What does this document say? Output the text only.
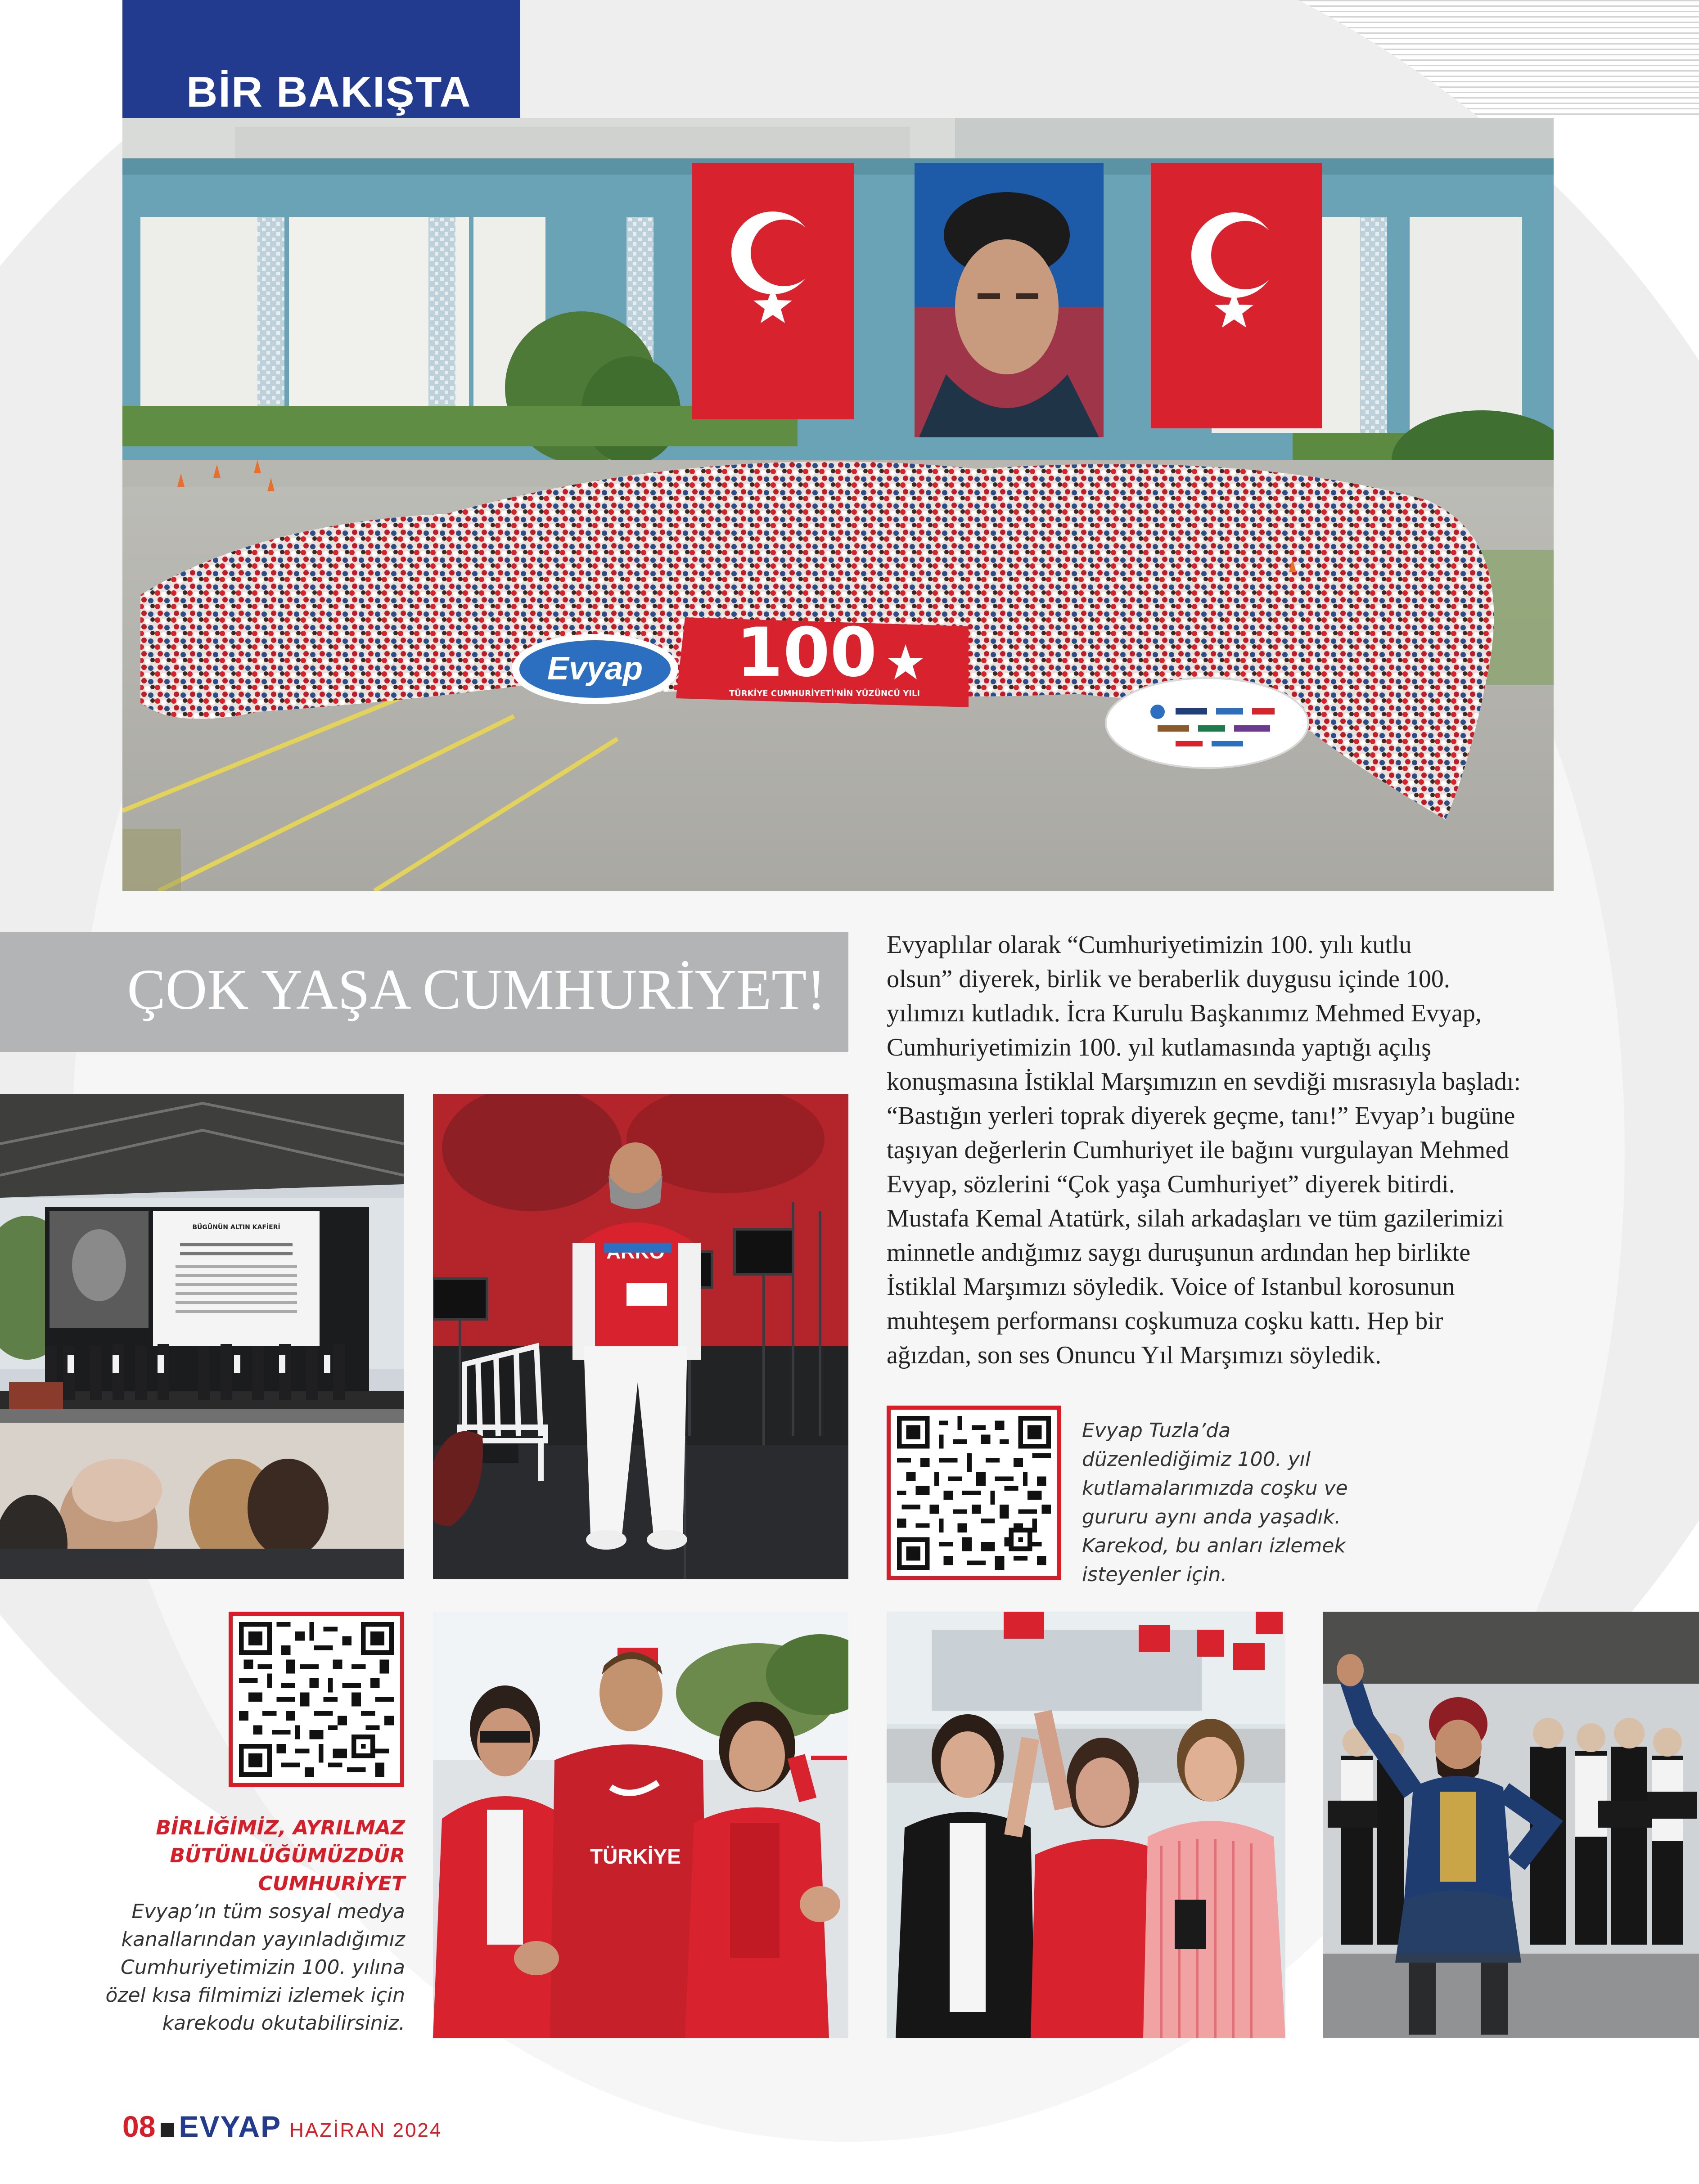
BİR BAKIŞTA
Evyap 100
TÜRKİYE CUMHURİYETİ'NİN YÜZÜNCÜ YILI
ÇOK YAŞA CUMHURİYET!
Evyaplılar olarak “Cumhuriyetimizin 100. yılı kutlu
olsun” diyerek, birlik ve beraberlik duygusu içinde 100.
yılımızı kutladık. İcra Kurulu Başkanımız Mehmed Evyap,
Cumhuriyetimizin 100. yıl kutlamasında yaptığı açılış
konuşmasına İstiklal Marşımızın en sevdiği mısrasıyla başladı:
“Bastığın yerleri toprak diyerek geçme, tanı!” Evyap’ı bugüne
taşıyan değerlerin Cumhuriyet ile bağını vurgulayan Mehmed
Evyap, sözlerini “Çok yaşa Cumhuriyet” diyerek bitirdi.
Mustafa Kemal Atatürk, silah arkadaşları ve tüm gazilerimizi
minnetle andığımız saygı duruşunun ardından hep birlikte
İstiklal Marşımızı söyledik. Voice of Istanbul korosunun
muhteşem performansı coşkumuza coşku kattı. Hep bir
ağızdan, son ses Onuncu Yıl Marşımızı söyledik.
BÜGÜNÜN ALTIN KAFİERİ
Evyap Tuzla’da
düzenlediğimiz 100. yıl
kutlamalarımızda coşku ve
gururu aynı anda yaşadık.
Karekod, bu anları izlemek
isteyenler için.
BİRLİĞİMİZ, AYRILMAZ
BÜTÜNLÜĞÜMÜZDÜR
CUMHURİYET
Evyap’ın tüm sosyal medya
kanallarından yayınladığımız
Cumhuriyetimizin 100. yılına
özel kısa filmimizi izlemek için
karekodu okutabilirsiniz.
TÜRKİYE
08 EVYAP HAZİRAN 2024
